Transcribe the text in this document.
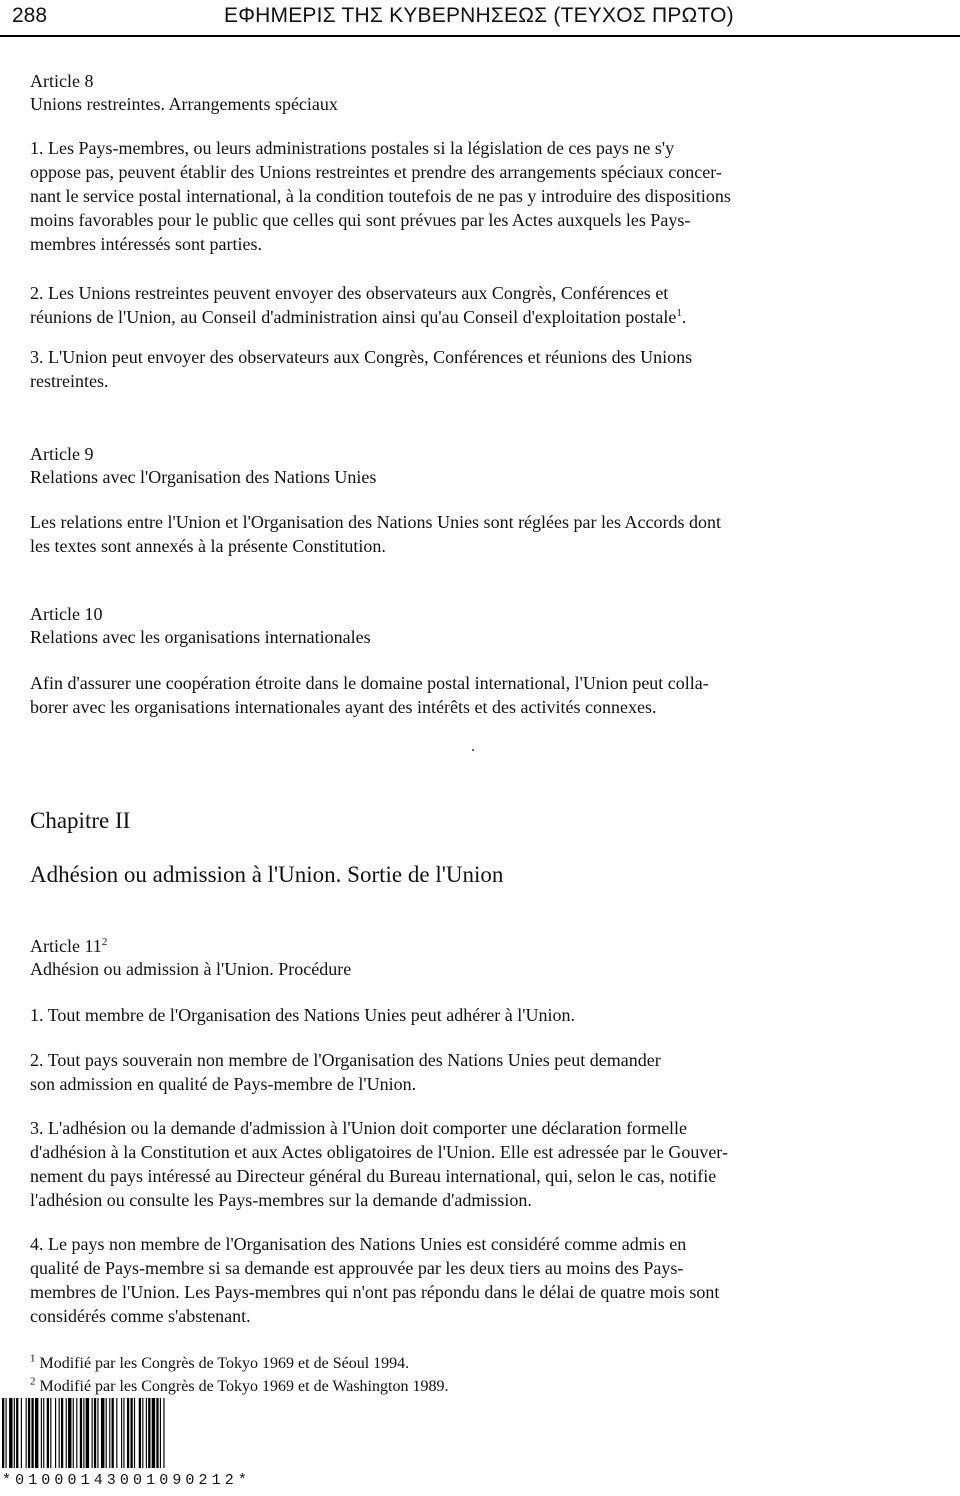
288	ΕΦΗΜΕΡΙΣ ΤΗΣ ΚΥΒΕΡΝΗΣΕΩΣ (ΤΕΥΧΟΣ ΠΡΩΤΟ)
Article 8
Unions restreintes. Arrangements spéciaux
1. Les Pays-membres, ou leurs administrations postales si la législation de ces pays ne s'y
oppose pas, peuvent établir des Unions restreintes et prendre des arrangements spéciaux concer-
nant le service postal international, à la condition toutefois de ne pas y introduire des dispositions
moins favorables pour le public que celles qui sont prévues par les Actes auxquels les Pays-
membres intéressés sont parties.
2. Les Unions restreintes peuvent envoyer des observateurs aux Congrès, Conférences et
réunions de l'Union, au Conseil d'administration ainsi qu'au Conseil d'exploitation postale$^1$.
3. L'Union peut envoyer des observateurs aux Congrès, Conférences et réunions des Unions
restreintes.
Article 9
Relations avec l'Organisation des Nations Unies
Les relations entre l'Union et l'Organisation des Nations Unies sont réglées par les Accords dont
les textes sont annexés à la présente Constitution.
Article 10
Relations avec les organisations internationales
Afin d'assurer une coopération étroite dans le domaine postal international, l'Union peut colla-
borer avec les organisations internationales ayant des intérêts et des activités connexes.
Chapitre II
Adhésion ou admission à l'Union. Sortie de l'Union
Article $11^2$
Adhésion ou admission à l'Union. Procédure
1. Tout membre de l'Organisation des Nations Unies peut adhérer à l'Union.
2. Tout pays souverain non membre de l'Organisation des Nations Unies peut demander
son admission en qualité de Pays-membre de l'Union.
3. L'adhésion ou la demande d'admission à l'Union doit comporter une déclaration formelle
d'adhésion à la Constitution et aux Actes obligatoires de l'Union. Elle est adressée par le Gouver-
nement du pays intéressé au Directeur général du Bureau international, qui, selon le cas, notifie
l'adhésion ou consulte les Pays-membres sur la demande d'admission.
4. Le pays non membre de l'Organisation des Nations Unies est considéré comme admis en
qualité de Pays-membre si sa demande est approuvée par les deux tiers au moins des Pays-
membres de l'Union. Les Pays-membres qui n'ont pas répondu dans le délai de quatre mois sont
considérés comme s'abstenant.
$^1$ Modifié par les Congrès de Tokyo 1969 et de Séoul 1994.
$^2$ Modifié par les Congrès de Tokyo 1969 et de Washington 1989.
*01000143001090212*
